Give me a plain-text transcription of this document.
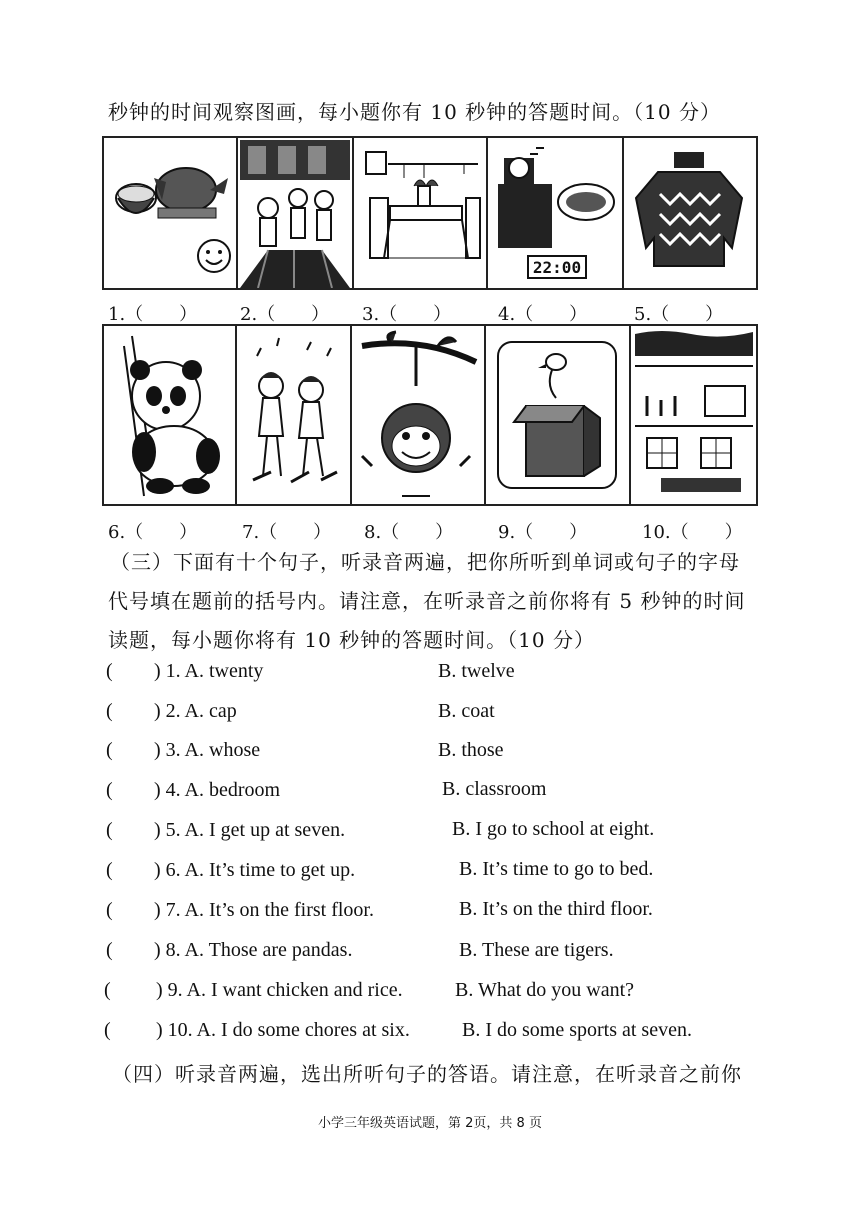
秒钟的时间观察图画，每小题你有 10 秒钟的答题时间。（10 分）
22:00
1.（　　）	2.（　　）	3.（　　）	4.（　　）	5.（　　）
6.（　　）	7.（　　）	8.（　　）	9.（　　）	10.（　　）
（三）下面有十个句子，听录音两遍，把你所听到单词或句子的字母
代号填在题前的括号内。请注意，在听录音之前你将有 5 秒钟的时间
读题，每小题你将有 10 秒钟的答题时间。（10 分）
( ) 1. A. twenty	B. twelve
( ) 2. A. cap	B. coat
( ) 3. A. whose	B. those
( ) 4. A. bedroom	B. classroom
( ) 5. A. I get up at seven.	B. I go to school at eight.
( ) 6. A. It’s time to get up.	B. It’s time to go to bed.
( ) 7. A. It’s on the first floor.	B. It’s on the third floor.
( ) 8. A. Those are pandas.	B. These are tigers.
( ) 9. A. I want chicken and rice.	B. What do you want?
( ) 10. A. I do some chores at six.	B. I do some sports at seven.
（四）听录音两遍，选出所听句子的答语。请注意，在听录音之前你
小学三年级英语试题，第 2页，共 8 页
